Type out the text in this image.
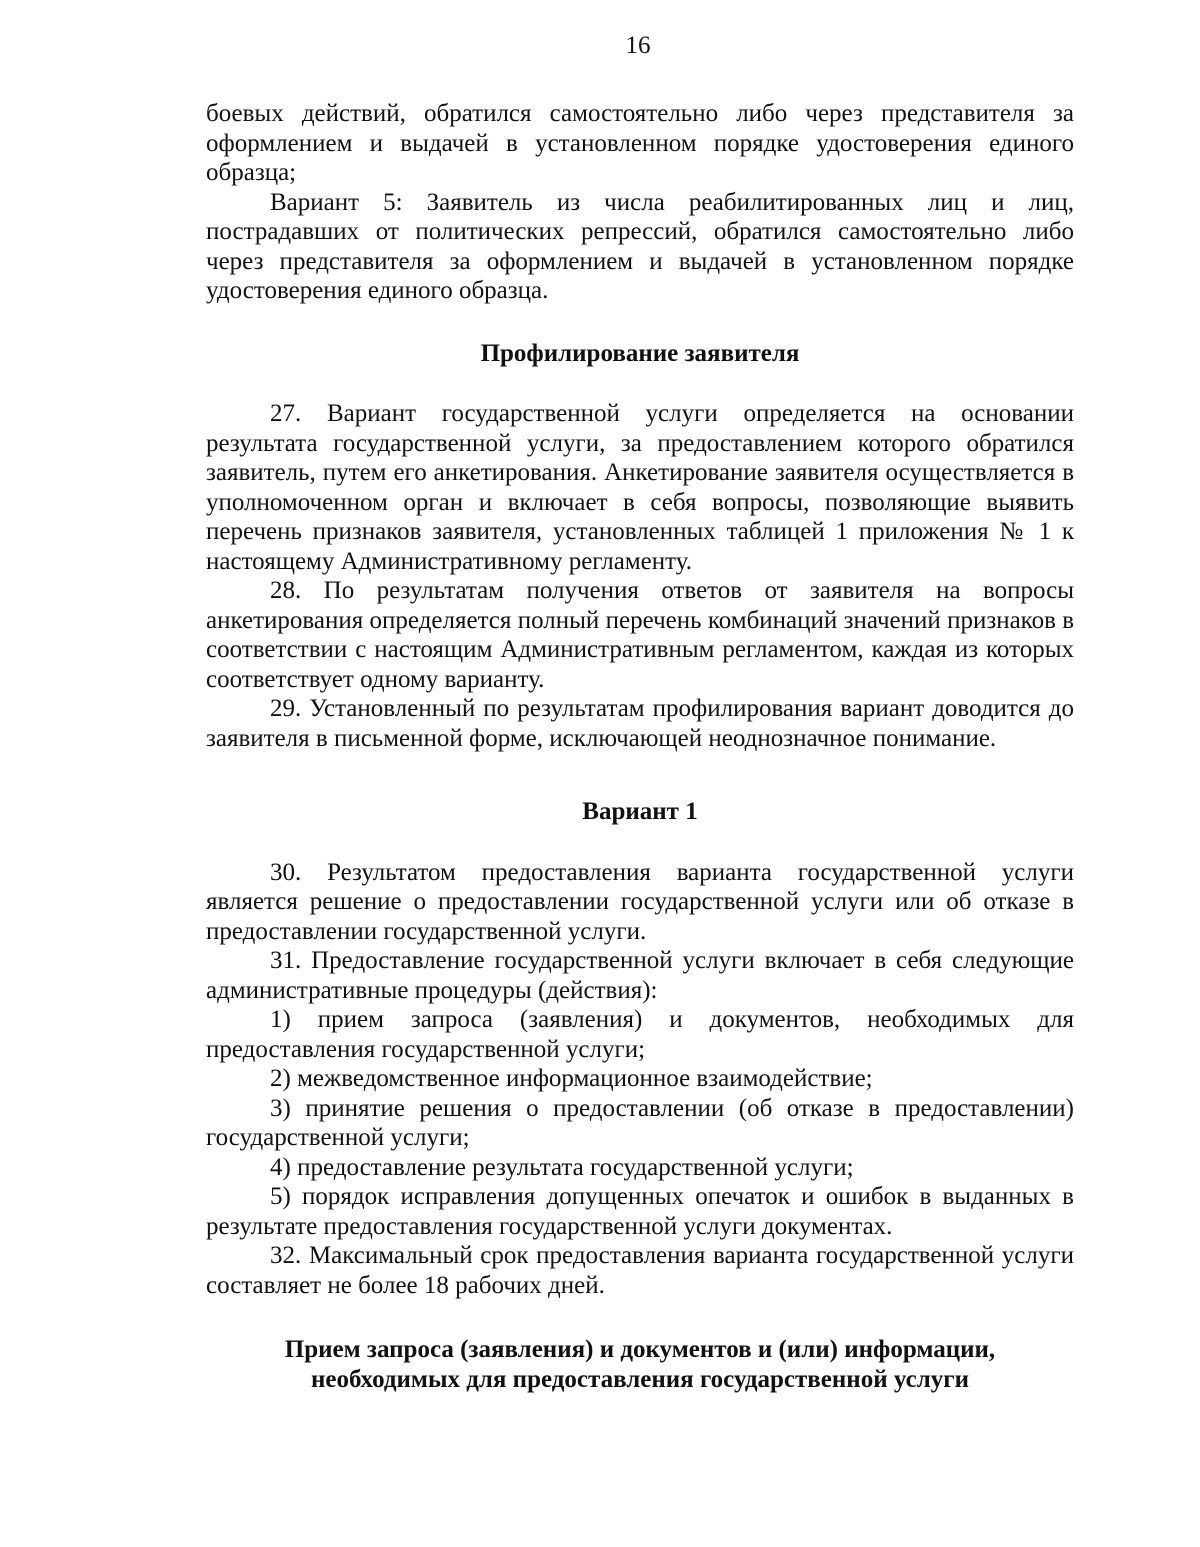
16

боевых действий, обратился самостоятельно либо через представителя за оформлением и выдачей в установленном порядке удостоверения единого образца;

Вариант 5: Заявитель из числа реабилитированных лиц и лиц, пострадавших от политических репрессий, обратился самостоятельно либо через представителя за оформлением и выдачей в установленном порядке удостоверения единого образца.

Профилирование заявителя

27. Вариант государственной услуги определяется на основании результата государственной услуги, за предоставлением которого обратился заявитель, путем его анкетирования. Анкетирование заявителя осуществляется в уполномоченном орган и включает в себя вопросы, позволяющие выявить перечень признаков заявителя, установленных таблицей 1 приложения № 1 к настоящему Административному регламенту.

28. По результатам получения ответов от заявителя на вопросы анкетирования определяется полный перечень комбинаций значений признаков в соответствии с настоящим Административным регламентом, каждая из которых соответствует одному варианту.

29. Установленный по результатам профилирования вариант доводится до заявителя в письменной форме, исключающей неоднозначное понимание.

Вариант 1

30. Результатом предоставления варианта государственной услуги является решение о предоставлении государственной услуги или об отказе в предоставлении государственной услуги.

31. Предоставление государственной услуги включает в себя следующие административные процедуры (действия):

1) прием запроса (заявления) и документов, необходимых для предоставления государственной услуги;

2) межведомственное информационное взаимодействие;

3) принятие решения о предоставлении (об отказе в предоставлении) государственной услуги;

4) предоставление результата государственной услуги;

5) порядок исправления допущенных опечаток и ошибок в выданных в результате предоставления государственной услуги документах.

32. Максимальный срок предоставления варианта государственной услуги составляет не более 18 рабочих дней.

Прием запроса (заявления) и документов и (или) информации,

необходимых для предоставления государственной услуги
